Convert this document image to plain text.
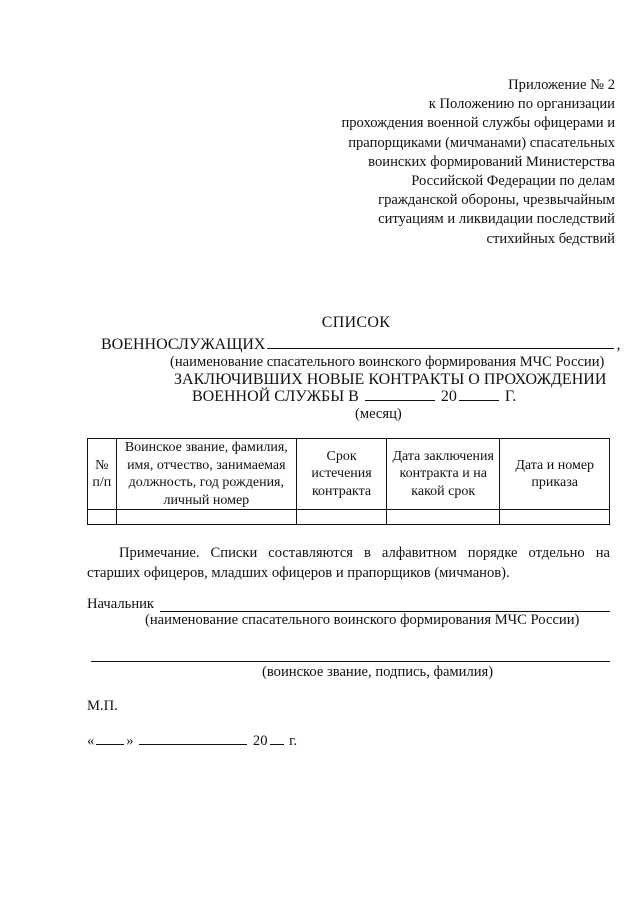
Приложение № 2
к Положению по организации
прохождения военной службы офицерами и
прапорщиками (мичманами) спасательных
воинских формирований Министерства
Российской Федерации по делам
гражданской обороны, чрезвычайным
ситуациям и ликвидации последствий
стихийных бедствий
СПИСОК
ВОЕННОСЛУЖАЩИХ	,
(наименование спасательного воинского формирования МЧС России)
ЗАКЛЮЧИВШИХ НОВЫЕ КОНТРАКТЫ О ПРОХОЖДЕНИИ
ВОЕННОЙ СЛУЖБЫ В	20	Г.
(месяц)
№ п/п	Воинское звание, фамилия, имя, отчество, занимаемая должность, год рождения, личный номер	Срок истечения контракта	Дата заключения контракта и на какой срок	Дата и номер приказа

Примечание. Списки составляются в алфавитном порядке отдельно на
старших офицеров, младших офицеров и прапорщиков (мичманов).
Начальник
(наименование спасательного воинского формирования МЧС России)
(воинское звание, подпись, фамилия)
М.П.
« »	20 г.
